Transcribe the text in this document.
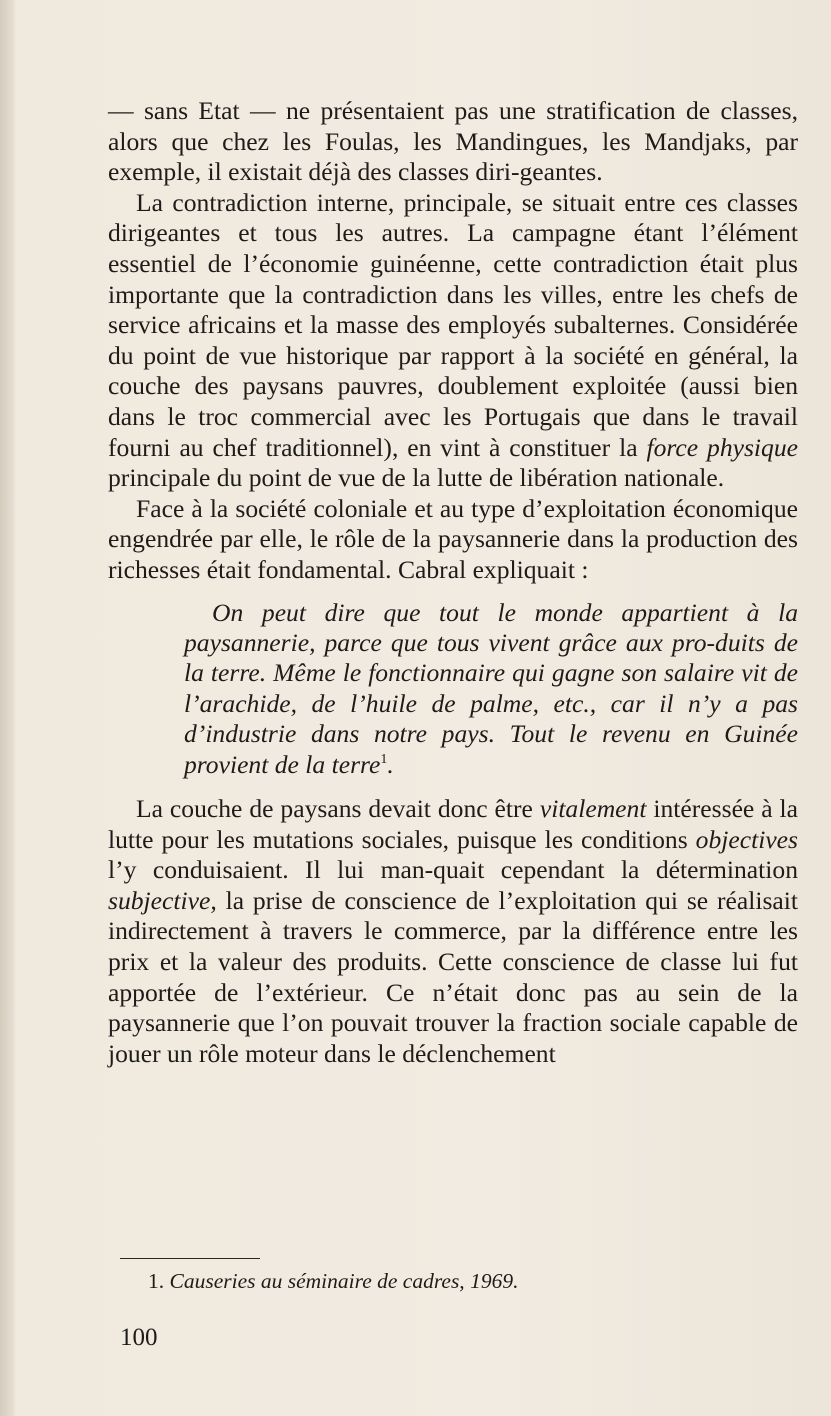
— sans Etat — ne présentaient pas une stratification de classes, alors que chez les Foulas, les Mandingues, les Mandjaks, par exemple, il existait déjà des classes diri-geantes.

La contradiction interne, principale, se situait entre ces classes dirigeantes et tous les autres. La campagne étant l’élément essentiel de l’économie guinéenne, cette contradiction était plus importante que la contradiction dans les villes, entre les chefs de service africains et la masse des employés subalternes. Considérée du point de vue historique par rapport à la société en général, la couche des paysans pauvres, doublement exploitée (aussi bien dans le troc commercial avec les Portugais que dans le travail fourni au chef traditionnel), en vint à constituer la force physique principale du point de vue de la lutte de libération nationale.

Face à la société coloniale et au type d’exploitation économique engendrée par elle, le rôle de la paysannerie dans la production des richesses était fondamental. Cabral expliquait :

On peut dire que tout le monde appartient à la paysannerie, parce que tous vivent grâce aux pro-duits de la terre. Même le fonctionnaire qui gagne son salaire vit de l’arachide, de l’huile de palme, etc., car il n’y a pas d’industrie dans notre pays. Tout le revenu en Guinée provient de la terre$^1$.

La couche de paysans devait donc être vitalement intéressée à la lutte pour les mutations sociales, puisque les conditions objectives l’y conduisaient. Il lui man-quait cependant la détermination subjective, la prise de conscience de l’exploitation qui se réalisait indirectement à travers le commerce, par la différence entre les prix et la valeur des produits. Cette conscience de classe lui fut apportée de l’extérieur. Ce n’était donc pas au sein de la paysannerie que l’on pouvait trouver la fraction sociale capable de jouer un rôle moteur dans le déclenchement

1. Causeries au séminaire de cadres, 1969.
100
